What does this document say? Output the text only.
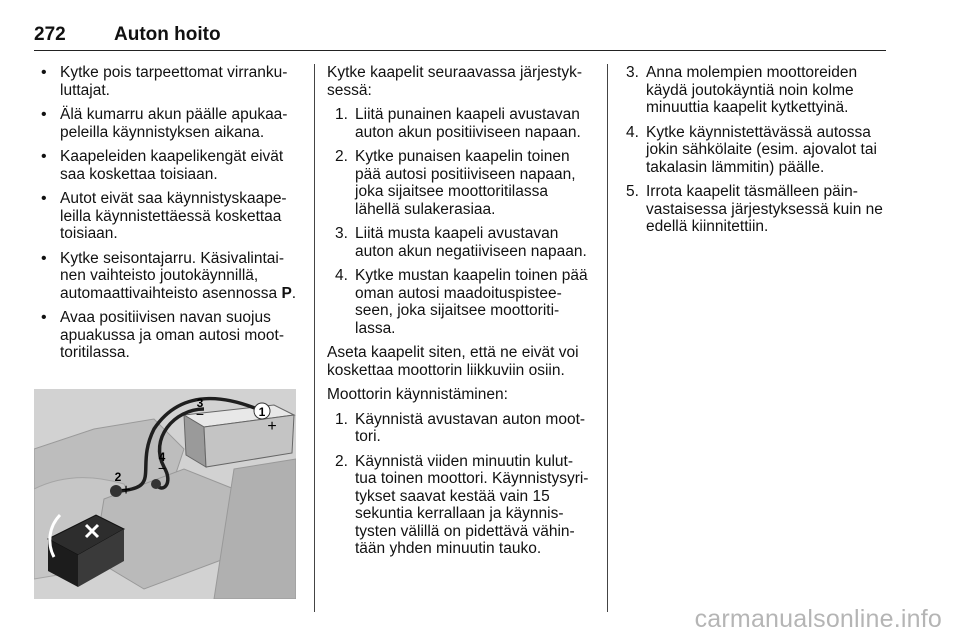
272	Auton hoito
• Kytke pois tarpeettomat virranku-luttajat.
• Älä kumarru akun päälle apukaa-peleilla käynnistyksen aikana.
• Kaapeleiden kaapelikengät eivät saa koskettaa toisiaan.
• Autot eivät saa käynnistyskaape-leilla käynnistettäessä koskettaa toisiaan.
• Kytke seisontajarru. Käsivalintai-nen vaihteisto joutokäynnillä, automaattivaihteisto asennossa P.
• Avaa positiivisen navan suojus apuakussa ja oman autosi moot-toritilassa.
1
+
3
−
2
+
4
−
Kytke kaapelit seuraavassa järjestyk-sessä:
1. Liitä punainen kaapeli avustavan auton akun positiiviseen napaan.
2. Kytke punaisen kaapelin toinen pää autosi positiiviseen napaan, joka sijaitsee moottoritilassa lähellä sulakerasiaa.
3. Liitä musta kaapeli avustavan auton akun negatiiviseen napaan.
4. Kytke mustan kaapelin toinen pää oman autosi maadoituspistee-seen, joka sijaitsee moottoriti-lassa.
Aseta kaapelit siten, että ne eivät voi koskettaa moottorin liikkuviin osiin.
Moottorin käynnistäminen:
1. Käynnistä avustavan auton moot-tori.
2. Käynnistä viiden minuutin kulut-tua toinen moottori. Käynnistysyri-tykset saavat kestää vain 15 sekuntia kerrallaan ja käynnis-tysten välillä on pidettävä vähin-tään yhden minuutin tauko.
3. Anna molempien moottoreiden käydä joutokäyntiä noin kolme minuuttia kaapelit kytkettyinä.
4. Kytke käynnistettävässä autossa jokin sähkölaite (esim. ajovalot tai takalasin lämmitin) päälle.
5. Irrota kaapelit täsmälleen päin-vastaisessa järjestyksessä kuin ne edellä kiinnitettiin.
carmanualsonline.info
